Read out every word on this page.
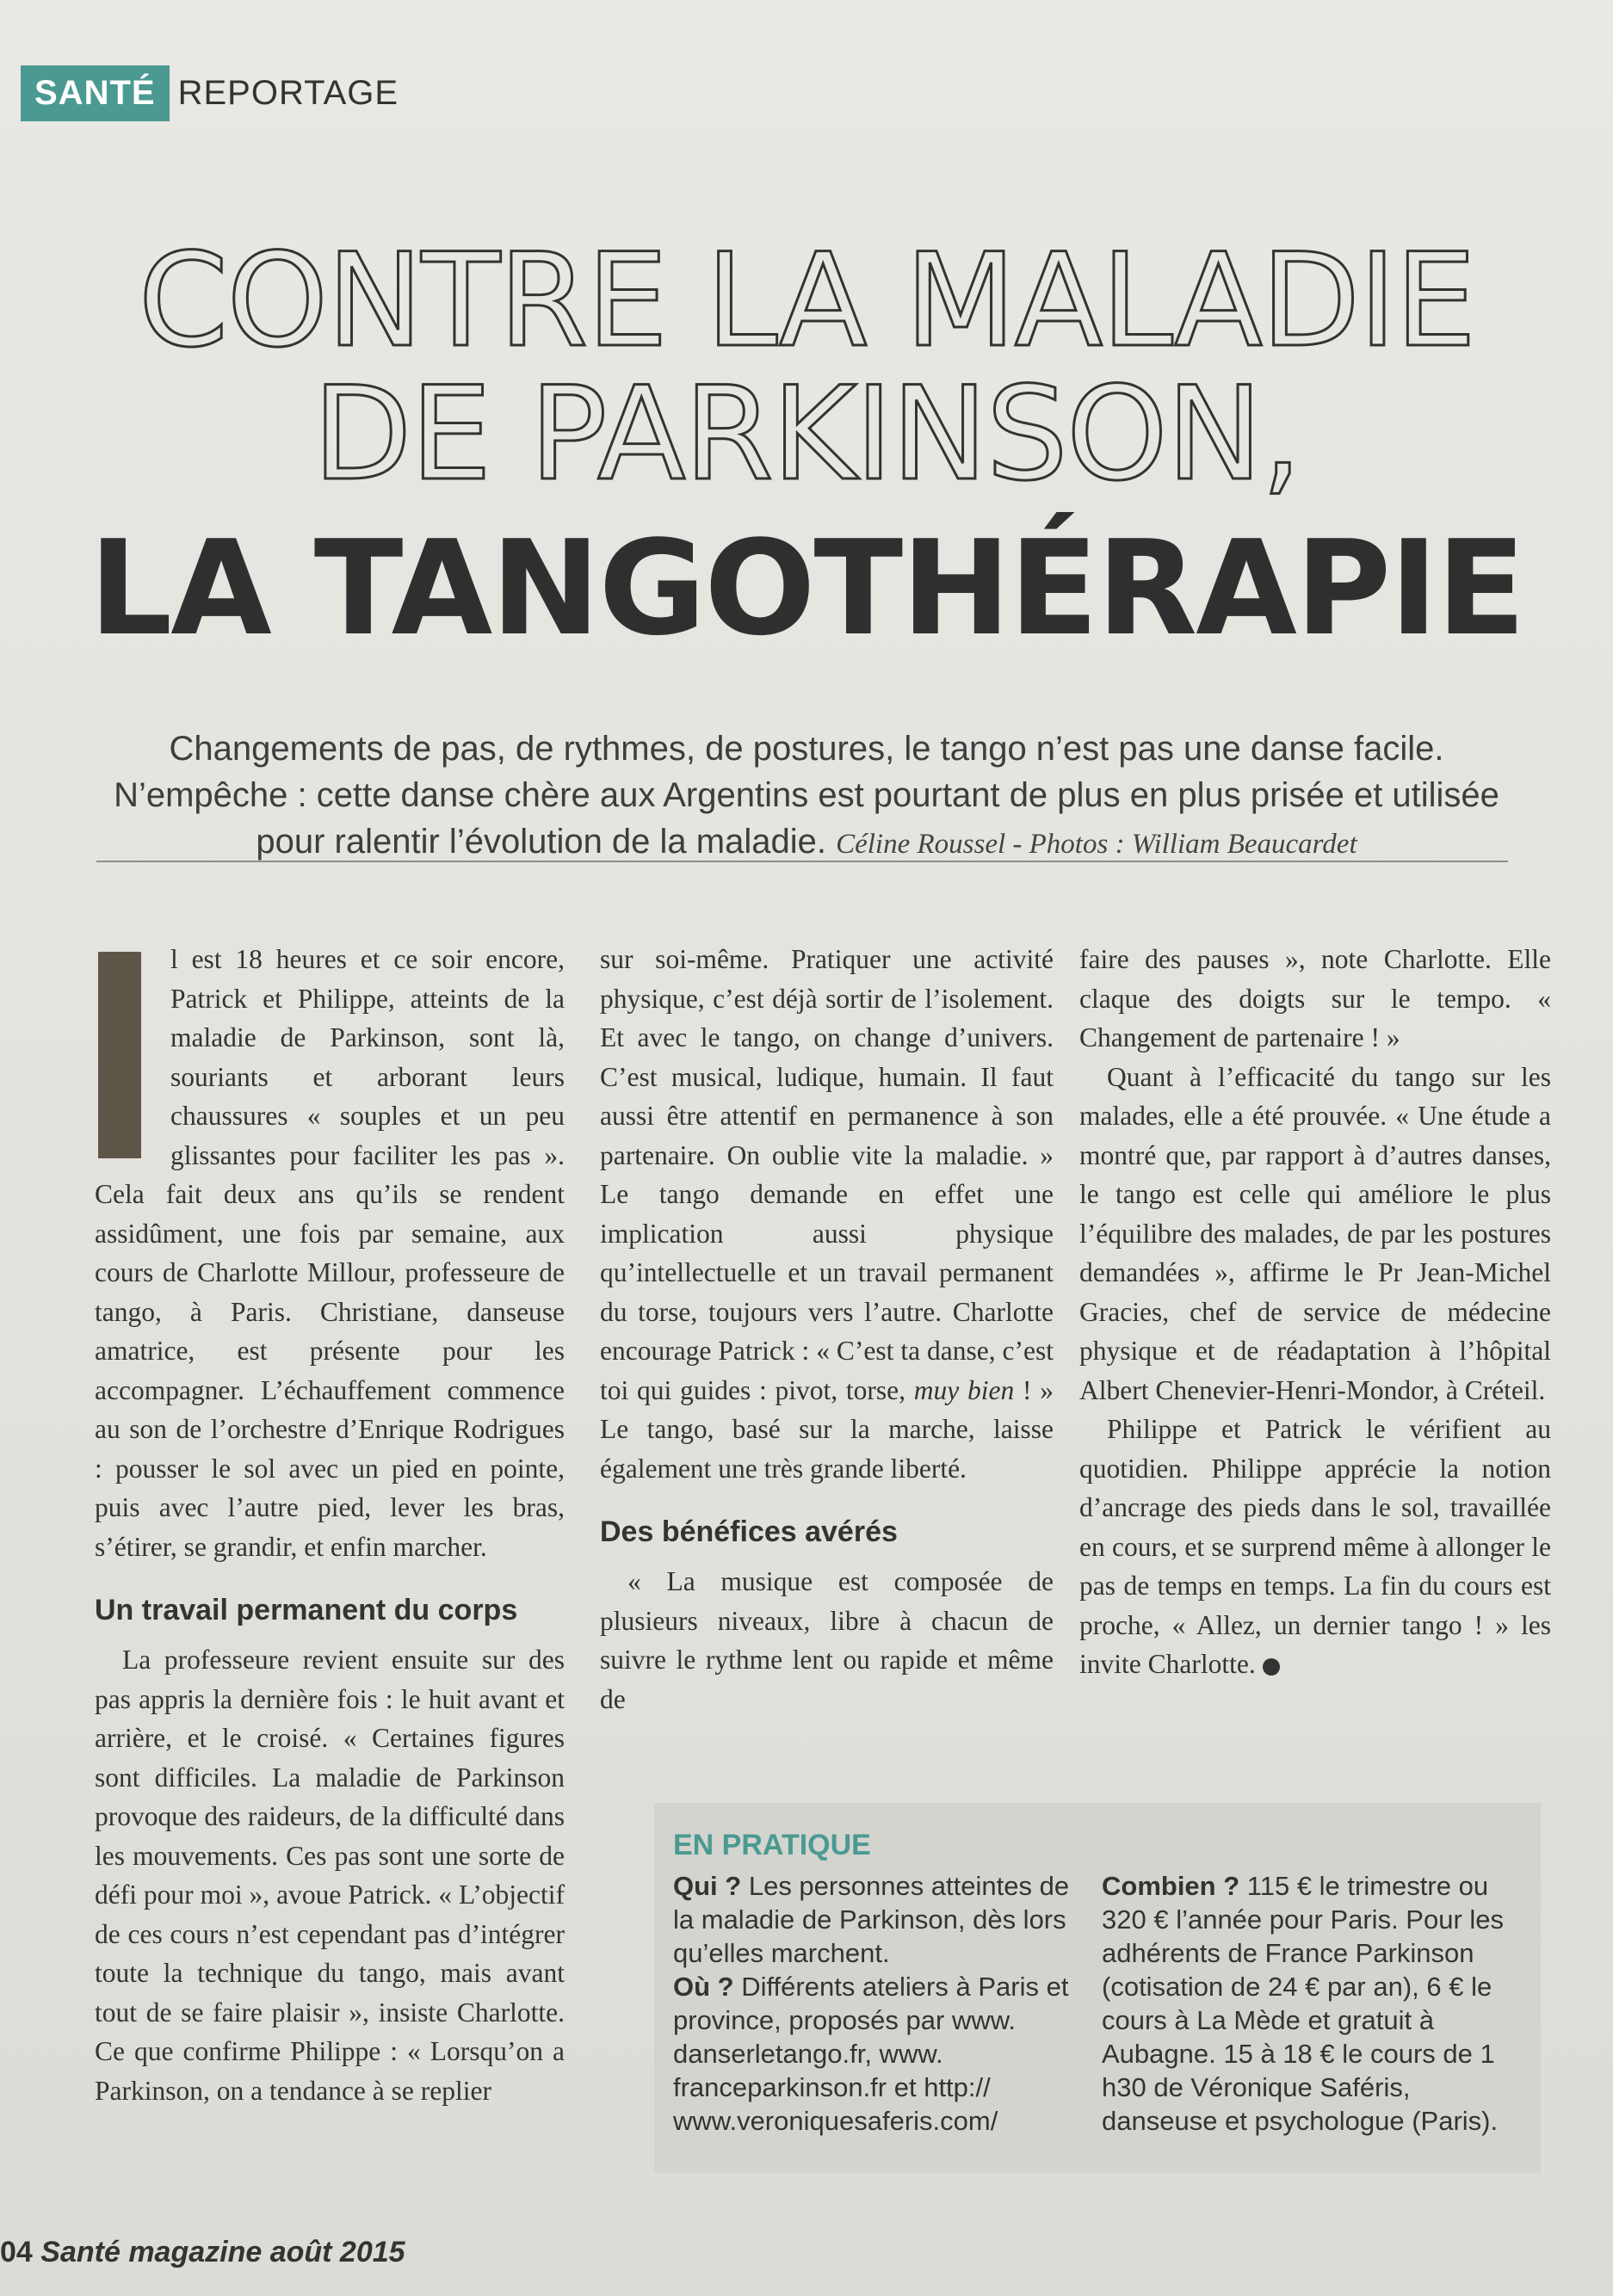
SANTÉ REPORTAGE
CONTRE LA MALADIE
DE PARKINSON,
LA TANGOTHÉRAPIE
Changements de pas, de rythmes, de postures, le tango n’est pas une danse facile. N’empêche : cette danse chère aux Argentins est pourtant de plus en plus prisée et utilisée pour ralentir l’évolution de la maladie. Céline Roussel - Photos : William Beaucardet

l est 18 heures et ce soir encore, Patrick et Philippe, atteints de la maladie de Parkinson, sont là, souriants et arborant leurs chaussures « souples et un peu glissantes pour faciliter les pas ». Cela fait deux ans qu’ils se rendent assidûment, une fois par semaine, aux cours de Charlotte Millour, professeure de tango, à Paris. Christiane, danseuse amatrice, est présente pour les accompagner. L’échauffement commence au son de l’orchestre d’Enrique Rodrigues : pousser le sol avec un pied en pointe, puis avec l’autre pied, lever les bras, s’étirer, se grandir, et enfin marcher.

Un travail permanent du corps

La professeure revient ensuite sur des pas appris la dernière fois : le huit avant et arrière, et le croisé. « Certaines figures sont difficiles. La maladie de Parkinson provoque des raideurs, de la difficulté dans les mouvements. Ces pas sont une sorte de défi pour moi », avoue Patrick. « L’objectif de ces cours n’est cependant pas d’intégrer toute la technique du tango, mais avant tout de se faire plaisir », insiste Charlotte. Ce que confirme Philippe : « Lorsqu’on a Parkinson, on a tendance à se replier

sur soi-même. Pratiquer une activité physique, c’est déjà sortir de l’isolement. Et avec le tango, on change d’univers. C’est musical, ludique, humain. Il faut aussi être attentif en permanence à son partenaire. On oublie vite la maladie. » Le tango demande en effet une implication aussi physique qu’intellectuelle et un travail permanent du torse, toujours vers l’autre. Charlotte encourage Patrick : « C’est ta danse, c’est toi qui guides : pivot, torse, muy bien ! » Le tango, basé sur la marche, laisse également une très grande liberté.

Des bénéfices avérés

« La musique est composée de plusieurs niveaux, libre à chacun de suivre le rythme lent ou rapide et même de

faire des pauses », note Charlotte. Elle claque des doigts sur le tempo. « Changement de partenaire ! »

Quant à l’efficacité du tango sur les malades, elle a été prouvée. « Une étude a montré que, par rapport à d’autres danses, le tango est celle qui améliore le plus l’équilibre des malades, de par les postures demandées », affirme le Pr Jean-Michel Gracies, chef de service de médecine physique et de réadaptation à l’hôpital Albert Chenevier-Henri-Mondor, à Créteil.

Philippe et Patrick le vérifient au quotidien. Philippe apprécie la notion d’ancrage des pieds dans le sol, travaillée en cours, et se surprend même à allonger le pas de temps en temps. La fin du cours est proche, « Allez, un dernier tango ! » les invite Charlotte.

EN PRATIQUE
Qui ? Les personnes atteintes de la maladie de Parkinson, dès lors qu’elles marchent.
Où ? Différents ateliers à Paris et province, proposés par www. danserletango.fr, www. franceparkinson.fr et http:// www.veroniquesaferis.com/
Combien ? 115 € le trimestre ou 320 € l’année pour Paris. Pour les adhérents de France Parkinson (cotisation de 24 € par an), 6 € le cours à La Mède et gratuit à Aubagne. 15 à 18 € le cours de 1 h30 de Véronique Saféris, danseuse et psychologue (Paris).
04 Santé magazine août 2015
